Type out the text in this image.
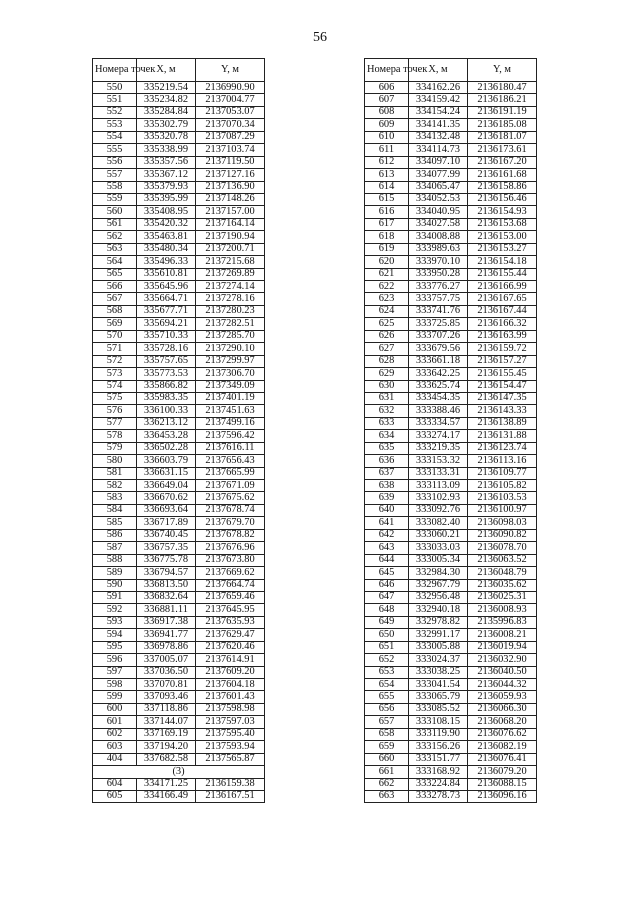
56
Номера точек	X, м	Y, м
550	335219.54	2136990.90
551	335234.82	2137004.77
552	335284.84	2137053.07
553	335302.79	2137070.34
554	335320.78	2137087.29
555	335338.99	2137103.74
556	335357.56	2137119.50
557	335367.12	2137127.16
558	335379.93	2137136.90
559	335395.99	2137148.26
560	335408.95	2137157.00
561	335420.32	2137164.14
562	335463.81	2137190.94
563	335480.34	2137200.71
564	335496.33	2137215.68
565	335610.81	2137269.89
566	335645.96	2137274.14
567	335664.71	2137278.16
568	335677.71	2137280.23
569	335694.21	2137282.51
570	335710.33	2137285.70
571	335728.16	2137290.10
572	335757.65	2137299.97
573	335773.53	2137306.70
574	335866.82	2137349.09
575	335983.35	2137401.19
576	336100.33	2137451.63
577	336213.12	2137499.16
578	336453.28	2137596.42
579	336502.28	2137616.11
580	336603.79	2137656.43
581	336631.15	2137665.99
582	336649.04	2137671.09
583	336670.62	2137675.62
584	336693.64	2137678.74
585	336717.89	2137679.70
586	336740.45	2137678.82
587	336757.35	2137676.96
588	336775.78	2137673.80
589	336794.57	2137669.62
590	336813.50	2137664.74
591	336832.64	2137659.46
592	336881.11	2137645.95
593	336917.38	2137635.93
594	336941.77	2137629.47
595	336978.86	2137620.46
596	337005.07	2137614.91
597	337036.50	2137609.20
598	337070.81	2137604.18
599	337093.46	2137601.43
600	337118.86	2137598.98
601	337144.07	2137597.03
602	337169.19	2137595.40
603	337194.20	2137593.94
404	337682.58	2137565.87
(3)		
604	334171.25	2136159.38
605	334166.49	2136167.51
Номера точек	X, м	Y, м
606	334162.26	2136180.47
607	334159.42	2136186.21
608	334154.24	2136191.19
609	334141.35	2136185.08
610	334132.48	2136181.07
611	334114.73	2136173.61
612	334097.10	2136167.20
613	334077.99	2136161.68
614	334065.47	2136158.86
615	334052.53	2136156.46
616	334040.95	2136154.93
617	334027.58	2136153.68
618	334008.88	2136153.00
619	333989.63	2136153.27
620	333970.10	2136154.18
621	333950.28	2136155.44
622	333776.27	2136166.99
623	333757.75	2136167.65
624	333741.76	2136167.44
625	333725.85	2136166.32
626	333707.26	2136163.99
627	333679.56	2136159.72
628	333661.18	2136157.27
629	333642.25	2136155.45
630	333625.74	2136154.47
631	333454.35	2136147.35
632	333388.46	2136143.33
633	333334.57	2136138.89
634	333274.17	2136131.88
635	333219.35	2136123.74
636	333153.32	2136113.16
637	333133.31	2136109.77
638	333113.09	2136105.82
639	333102.93	2136103.53
640	333092.76	2136100.97
641	333082.40	2136098.03
642	333060.21	2136090.82
643	333033.03	2136078.70
644	333005.34	2136063.52
645	332984.30	2136048.79
646	332967.79	2136035.62
647	332956.48	2136025.31
648	332940.18	2136008.93
649	332978.82	2135996.83
650	332991.17	2136008.21
651	333005.88	2136019.94
652	333024.37	2136032.90
653	333038.25	2136040.50
654	333041.54	2136044.32
655	333065.79	2136059.93
656	333085.52	2136066.30
657	333108.15	2136068.20
658	333119.90	2136076.62
659	333156.26	2136082.19
660	333151.77	2136076.41
661	333168.92	2136079.20
662	333224.84	2136088.15
663	333278.73	2136096.16
